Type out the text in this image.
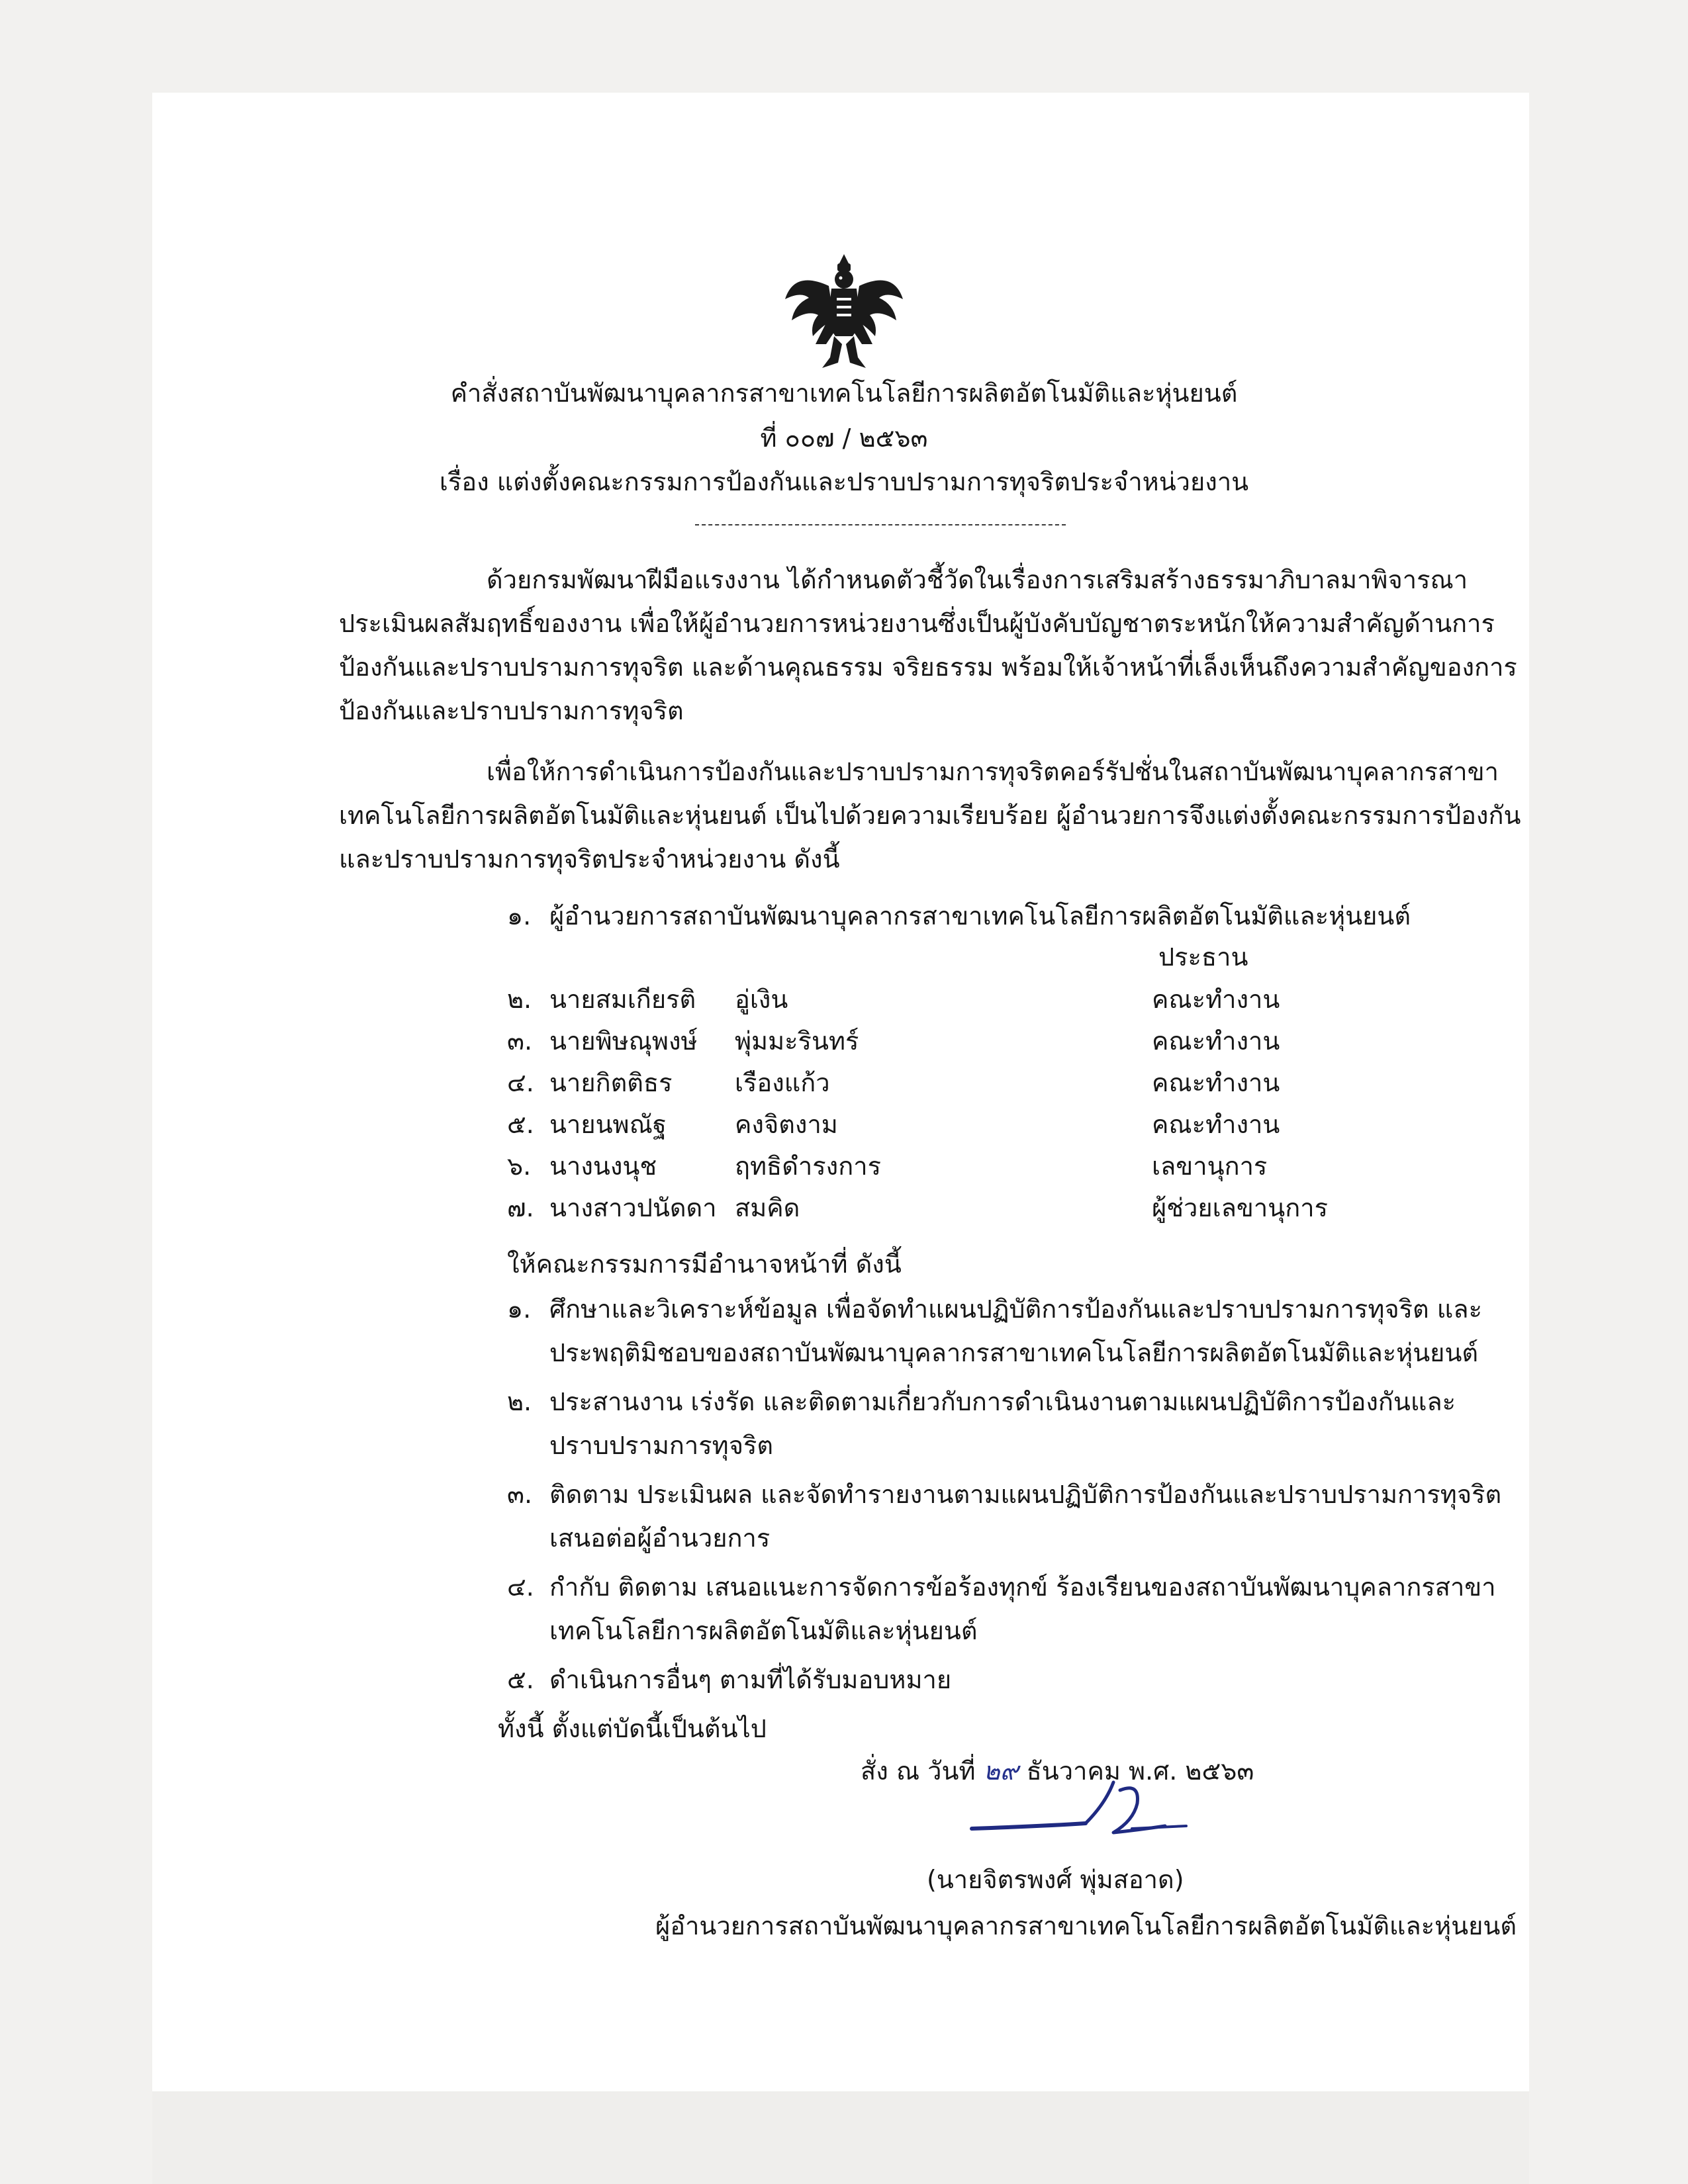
คำสั่งสถาบันพัฒนาบุคลากรสาขาเทคโนโลยีการผลิตอัตโนมัติและหุ่นยนต์
ที่ ๐๐๗ / ๒๕๖๓
เรื่อง แต่งตั้งคณะกรรมการป้องกันและปราบปรามการทุจริตประจำหน่วยงาน
ด้วยกรมพัฒนาฝีมือแรงงาน ได้กำหนดตัวชี้วัดในเรื่องการเสริมสร้างธรรมาภิบาลมาพิจารณา
ประเมินผลสัมฤทธิ์ของงาน เพื่อให้ผู้อำนวยการหน่วยงานซึ่งเป็นผู้บังคับบัญชาตระหนักให้ความสำคัญด้านการ
ป้องกันและปราบปรามการทุจริต และด้านคุณธรรม จริยธรรม พร้อมให้เจ้าหน้าที่เล็งเห็นถึงความสำคัญของการ
ป้องกันและปราบปรามการทุจริต
เพื่อให้การดำเนินการป้องกันและปราบปรามการทุจริตคอร์รัปชั่นในสถาบันพัฒนาบุคลากรสาขา
เทคโนโลยีการผลิตอัตโนมัติและหุ่นยนต์ เป็นไปด้วยความเรียบร้อย ผู้อำนวยการจึงแต่งตั้งคณะกรรมการป้องกัน
และปราบปรามการทุจริตประจำหน่วยงาน ดังนี้
๑. ผู้อำนวยการสถาบันพัฒนาบุคลากรสาขาเทคโนโลยีการผลิตอัตโนมัติและหุ่นยนต์
ประธาน
๒. นายสมเกียรติ อู่เงิน	คณะทำงาน
๓. นายพิษณุพงษ์ พุ่มมะรินทร์	คณะทำงาน
๔. นายกิตติธร เรืองแก้ว	คณะทำงาน
๕. นายนพณัฐ	คงจิตงาม	คณะทำงาน
๖. นางนงนุช	ฤทธิดำรงการ	เลขานุการ
๗. นางสาวปนัดดา สมคิด	ผู้ช่วยเลขานุการ
ให้คณะกรรมการมีอำนาจหน้าที่ ดังนี้
๑. ศึกษาและวิเคราะห์ข้อมูล เพื่อจัดทำแผนปฏิบัติการป้องกันและปราบปรามการทุจริต และ
ประพฤติมิชอบของสถาบันพัฒนาบุคลากรสาขาเทคโนโลยีการผลิตอัตโนมัติและหุ่นยนต์
๒. ประสานงาน เร่งรัด และติดตามเกี่ยวกับการดำเนินงานตามแผนปฏิบัติการป้องกันและ
ปราบปรามการทุจริต
๓. ติดตาม ประเมินผล และจัดทำรายงานตามแผนปฏิบัติการป้องกันและปราบปรามการทุจริต
เสนอต่อผู้อำนวยการ
๔. กำกับ ติดตาม เสนอแนะการจัดการข้อร้องทุกข์ ร้องเรียนของสถาบันพัฒนาบุคลากรสาขา
เทคโนโลยีการผลิตอัตโนมัติและหุ่นยนต์
๕. ดำเนินการอื่นๆ ตามที่ได้รับมอบหมาย
ทั้งนี้ ตั้งแต่บัดนี้เป็นต้นไป
สั่ง ณ วันที่ ๒๙ ธันวาคม พ.ศ. ๒๕๖๓
(นายจิตรพงศ์ พุ่มสอาด)
ผู้อำนวยการสถาบันพัฒนาบุคลากรสาขาเทคโนโลยีการผลิตอัตโนมัติและหุ่นยนต์
